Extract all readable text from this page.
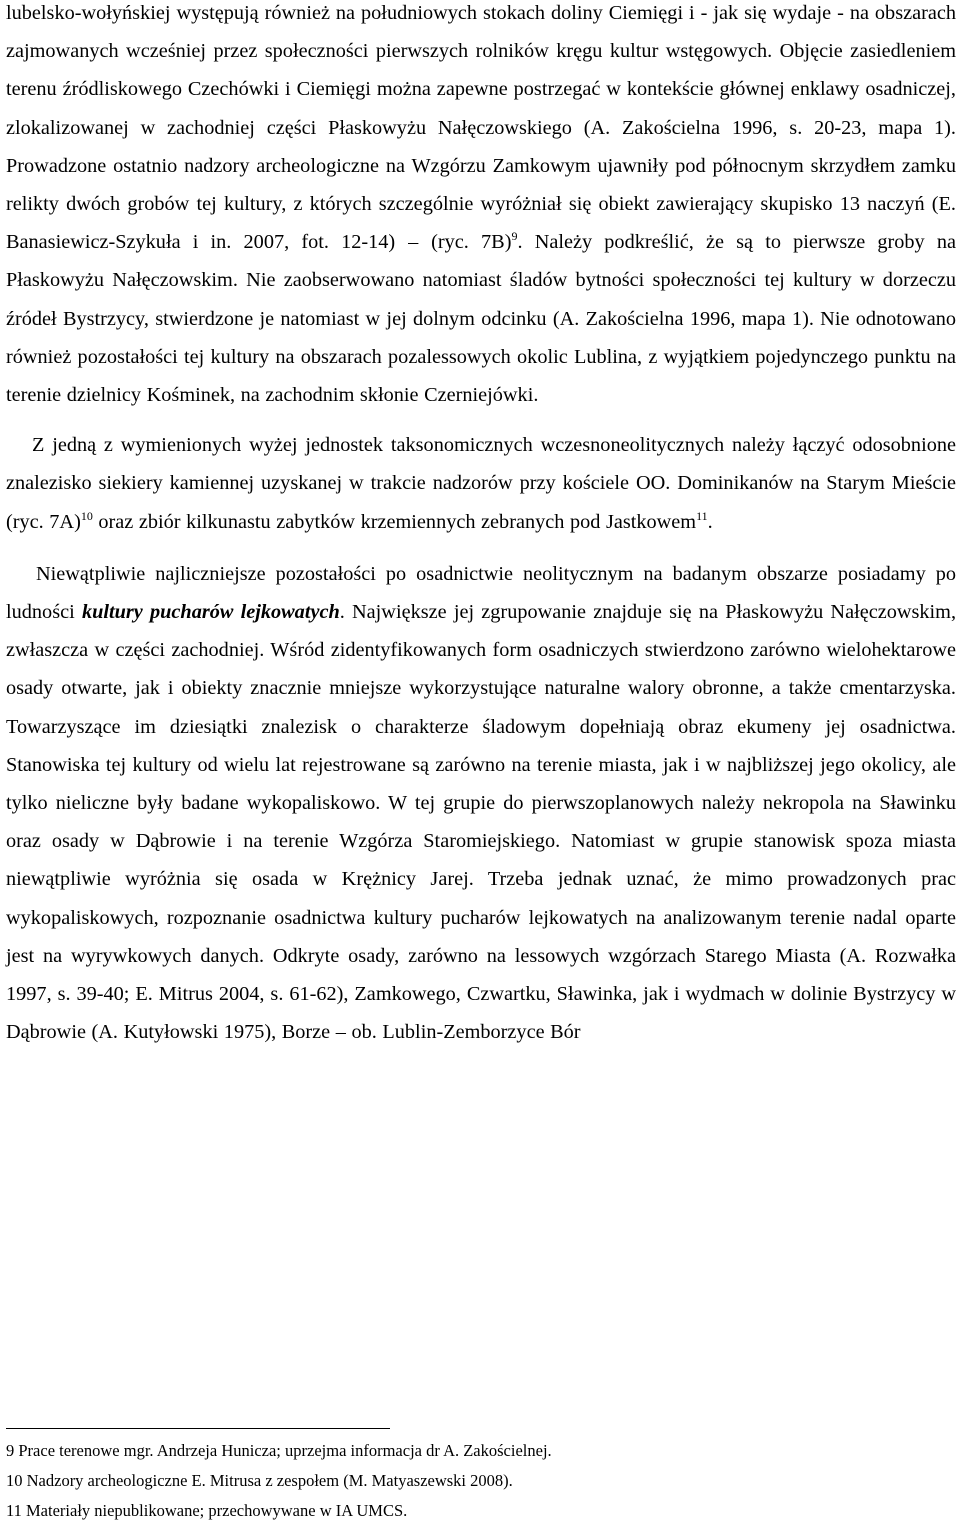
lubelsko-wołyńskiej występują również na południowych stokach doliny Ciemięgi i - jak się wydaje - na obszarach zajmowanych wcześniej przez społeczności pierwszych rolników kręgu kultur wstęgowych. Objęcie zasiedleniem terenu źródliskowego Czechówki i Ciemięgi można zapewne postrzegać w kontekście głównej enklawy osadniczej, zlokalizowanej w zachodniej części Płaskowyżu Nałęczowskiego (A. Zakościelna 1996, s. 20-23, mapa 1). Prowadzone ostatnio nadzory archeologiczne na Wzgórzu Zamkowym ujawniły pod północnym skrzydłem zamku relikty dwóch grobów tej kultury, z których szczególnie wyróżniał się obiekt zawierający skupisko 13 naczyń (E. Banasiewicz-Szykuła i in. 2007, fot. 12-14)–(ryc. 7B)$^9$. Należy podkreślić, że są to pierwsze groby na Płaskowyżu Nałęczowskim. Nie zaobserwowano natomiast śladów bytności społeczności tej kultury w dorzeczu źródeł Bystrzycy, stwierdzone je natomiast w jej dolnym odcinku (A. Zakościelna 1996, mapa 1). Nie odnotowano również pozostałości tej kultury na obszarach pozalessowych okolic Lublina, z wyjątkiem pojedynczego punktu na terenie dzielnicy Kośminek, na zachodnim skłonie Czerniejówki.

Z jedną z wymienionych wyżej jednostek taksonomicznych wczesnoneolitycznych należy łączyć odosobnione znalezisko siekiery kamiennej uzyskanej w trakcie nadzorów przy kościele OO. Dominikanów na Starym Mieście (ryc. 7A)$^{10}$ oraz zbiór kilkunastu zabytków krzemiennych zebranych pod Jastkowem$^{11}$.

Niewątpliwie najliczniejsze pozostałości po osadnictwie neolitycznym na badanym obszarze posiadamy po ludności kultury pucharów lejkowatych. Największe jej zgrupowanie znajduje się na Płaskowyżu Nałęczowskim, zwłaszcza w części zachodniej. Wśród zidentyfikowanych form osadniczych stwierdzono zarówno wielohektarowe osady otwarte, jak i obiekty znacznie mniejsze wykorzystujące naturalne walory obronne, a także cmentarzyska. Towarzyszące im dziesiątki znalezisk o charakterze śladowym dopełniają obraz ekumeny jej osadnictwa. Stanowiska tej kultury od wielu lat rejestrowane są zarówno na terenie miasta, jak i w najbliższej jego okolicy, ale tylko nieliczne były badane wykopaliskowo. W tej grupie do pierwszoplanowych należy nekropola na Sławinku oraz osady w Dąbrowie i na terenie Wzgórza Staromiejskiego. Natomiast w grupie stanowisk spoza miasta niewątpliwie wyróżnia się osada w Krężnicy Jarej. Trzeba jednak uznać, że mimo prowadzonych prac wykopaliskowych, rozpoznanie osadnictwa kultury pucharów lejkowatych na analizowanym terenie nadal oparte jest na wyrywkowych danych. Odkryte osady, zarówno na lessowych wzgórzach Starego Miasta (A. Rozwałka 1997, s. 39-40; E. Mitrus 2004, s. 61-62), Zamkowego, Czwartku, Sławinka, jak i wydmach w dolinie Bystrzycy w Dąbrowie (A. Kutyłowski 1975), Borze – ob. Lublin-Zemborzyce Bór

9 Prace terenowe mgr. Andrzeja Hunicza; uprzejma informacja dr A. Zakościelnej.
10 Nadzory archeologiczne E. Mitrusa z zespołem (M. Matyaszewski 2008).
11 Materiały niepublikowane; przechowywane w IA UMCS.
